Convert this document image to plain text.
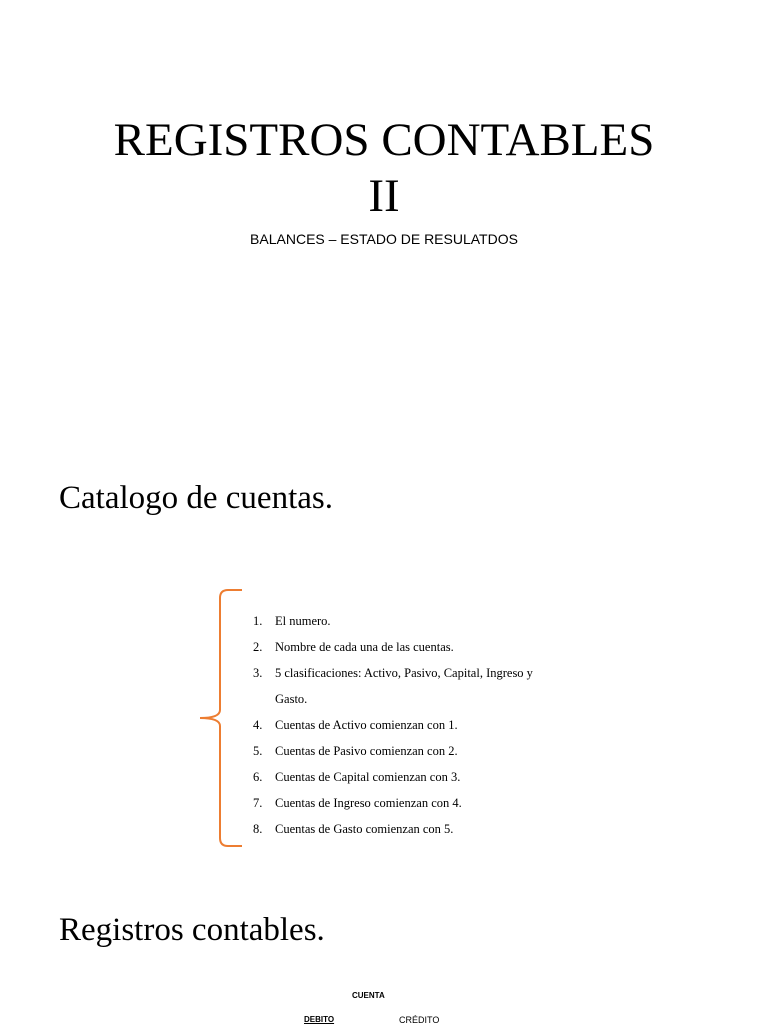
REGISTROS CONTABLES
II
BALANCES – ESTADO DE RESULATDOS
Catalogo de cuentas.
1.	El numero.
2.	Nombre de cada una de las cuentas.
3.	5 clasificaciones: Activo, Pasivo, Capital, Ingreso y Gasto.
4.	Cuentas de Activo comienzan con 1.
5.	Cuentas de Pasivo comienzan con 2.
6.	Cuentas de Capital comienzan con 3.
7.	Cuentas de Ingreso comienzan con 4.
8.	Cuentas de Gasto comienzan con 5.
Registros contables.
CUENTA
DEBITO	CRÉDITO
